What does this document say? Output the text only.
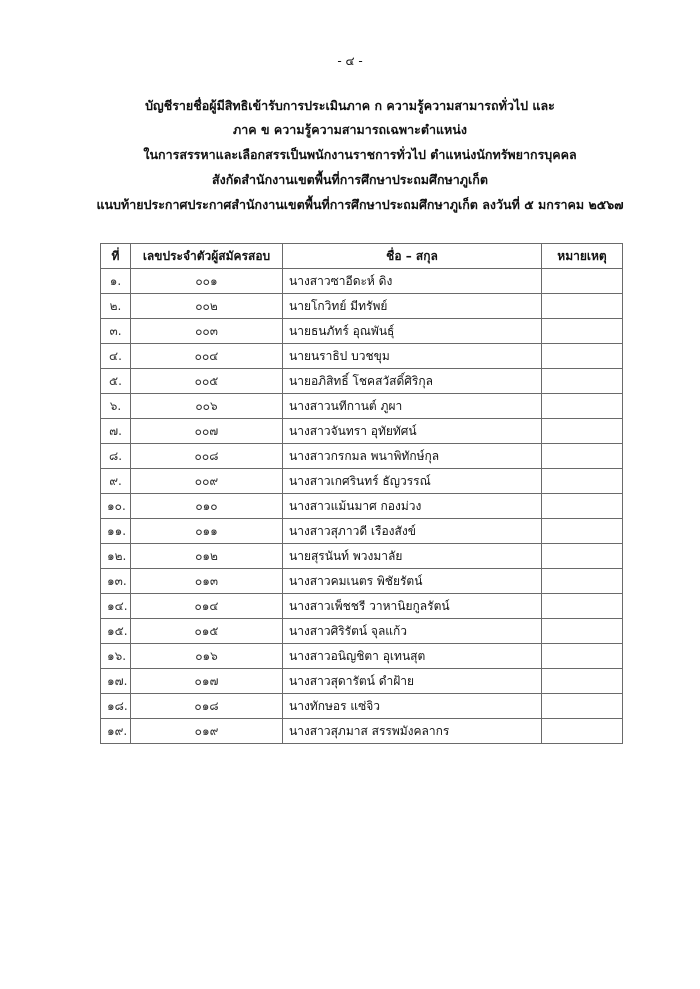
- ๔ -
บัญชีรายชื่อผู้มีสิทธิเข้ารับการประเมินภาค ก ความรู้ความสามารถทั่วไป และ
ภาค ข ความรู้ความสามารถเฉพาะตำแหน่ง
ในการสรรหาและเลือกสรรเป็นพนักงานราชการทั่วไป ตำแหน่งนักทรัพยากรบุคคล
สังกัดสำนักงานเขตพื้นที่การศึกษาประถมศึกษาภูเก็ต
แนบท้ายประกาศประกาศสำนักงานเขตพื้นที่การศึกษาประถมศึกษาภูเก็ต ลงวันที่ ๕ มกราคม ๒๕๖๗
ที่	เลขประจำตัวผู้สมัครสอบ	ชื่อ – สกุล	หมายเหตุ
๑.	๐๐๑	นางสาวซาอีดะห์ ดิง	
๒.	๐๐๒	นายโกวิทย์ มีทรัพย์	
๓.	๐๐๓	นายธนภัทร์ อุณพันธุ์	
๔.	๐๐๔	นายนราธิป บวชขุม	
๕.	๐๐๕	นายอภิสิทธิ์ โชคสวัสดิ์ศิริกุล	
๖.	๐๐๖	นางสาวนทีกานต์ ภูผา	
๗.	๐๐๗	นางสาวจันทรา อุทัยทัศน์	
๘.	๐๐๘	นางสาวกรกมล พนาพิทักษ์กุล	
๙.	๐๐๙	นางสาวเกศรินทร์ ธัญวรรณ์	
๑๐.	๐๑๐	นางสาวแม้นมาศ กองม่วง	
๑๑.	๐๑๑	นางสาวสุภาวดี เรืองสังข์	
๑๒.	๐๑๒	นายสุรนันท์ พวงมาลัย	
๑๓.	๐๑๓	นางสาวคมเนตร พิชัยรัตน์	
๑๔.	๐๑๔	นางสาวเพ็ชชรี วาหานิยกูลรัตน์	
๑๕.	๐๑๕	นางสาวศิริรัตน์ จุลแก้ว	
๑๖.	๐๑๖	นางสาวอนิญชิตา อุเทนสุต	
๑๗.	๐๑๗	นางสาวสุดารัตน์ ดำฝ้าย	
๑๘.	๐๑๘	นางทักษอร แซ่จิว	
๑๙.	๐๑๙	นางสาวสุภมาส สรรพมังคลากร	
